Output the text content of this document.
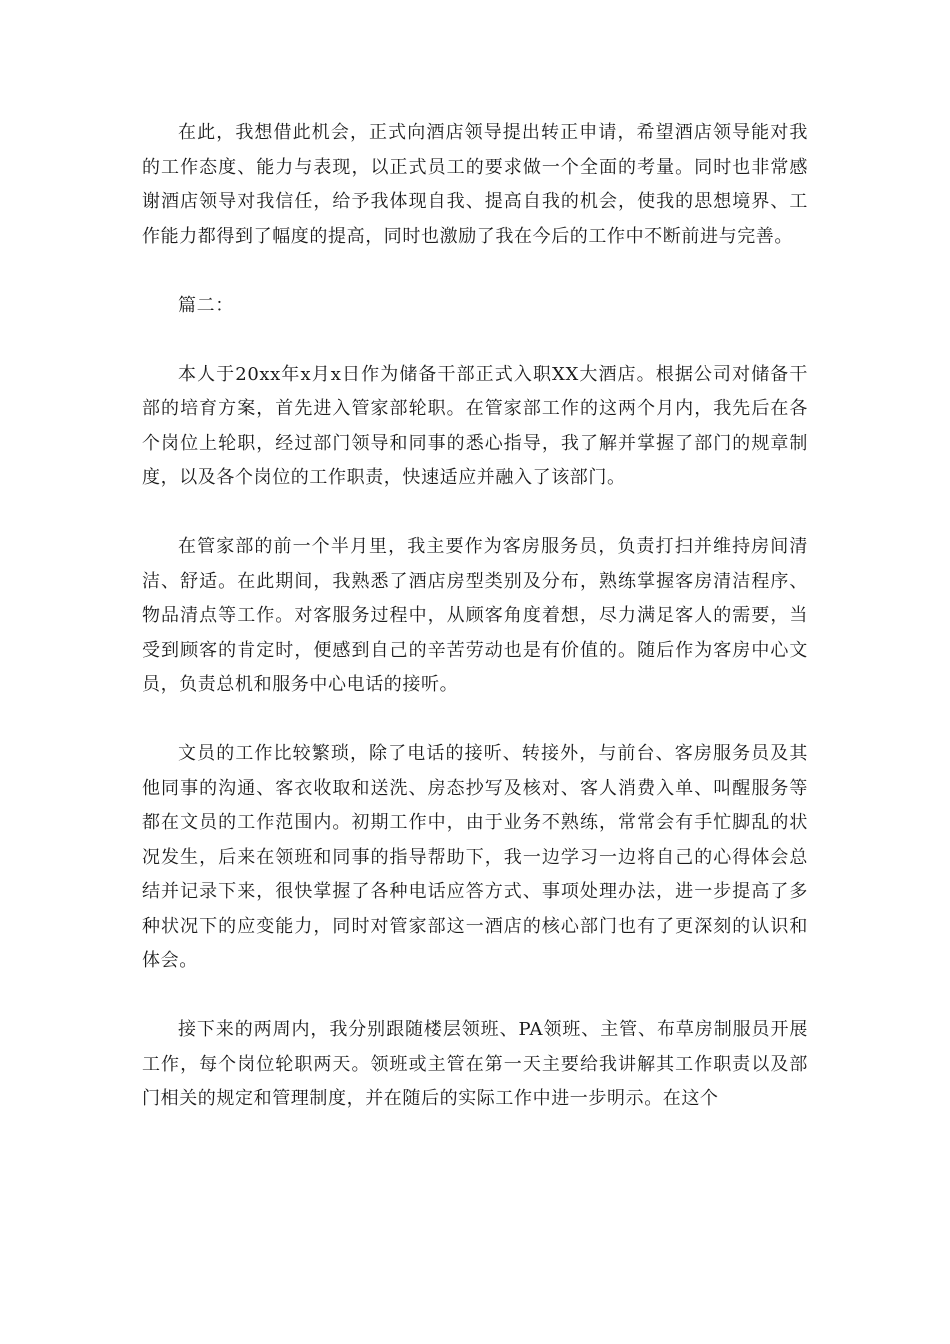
在此，我想借此机会，正式向酒店领导提出转正申请，希望酒店领导能对我的工作态度、能力与表现，以正式员工的要求做一个全面的考量。同时也非常感谢酒店领导对我信任，给予我体现自我、提高自我的机会，使我的思想境界、工作能力都得到了幅度的提高，同时也激励了我在今后的工作中不断前进与完善。

篇二：

本人于20xx年x月x日作为储备干部正式入职XX大酒店。根据公司对储备干部的培育方案，首先进入管家部轮职。在管家部工作的这两个月内，我先后在各个岗位上轮职，经过部门领导和同事的悉心指导，我了解并掌握了部门的规章制度，以及各个岗位的工作职责，快速适应并融入了该部门。

在管家部的前一个半月里，我主要作为客房服务员，负责打扫并维持房间清洁、舒适。在此期间，我熟悉了酒店房型类别及分布，熟练掌握客房清洁程序、物品清点等工作。对客服务过程中，从顾客角度着想，尽力满足客人的需要，当受到顾客的肯定时，便感到自己的辛苦劳动也是有价值的。随后作为客房中心文员，负责总机和服务中心电话的接听。

文员的工作比较繁琐，除了电话的接听、转接外，与前台、客房服务员及其他同事的沟通、客衣收取和送洗、房态抄写及核对、客人消费入单、叫醒服务等都在文员的工作范围内。初期工作中，由于业务不熟练，常常会有手忙脚乱的状况发生，后来在领班和同事的指导帮助下，我一边学习一边将自己的心得体会总结并记录下来，很快掌握了各种电话应答方式、事项处理办法，进一步提高了多种状况下的应变能力，同时对管家部这一酒店的核心部门也有了更深刻的认识和体会。

接下来的两周内，我分别跟随楼层领班、PA领班、主管、布草房制服员开展工作，每个岗位轮职两天。领班或主管在第一天主要给我讲解其工作职责以及部门相关的规定和管理制度，并在随后的实际工作中进一步明示。在这个
